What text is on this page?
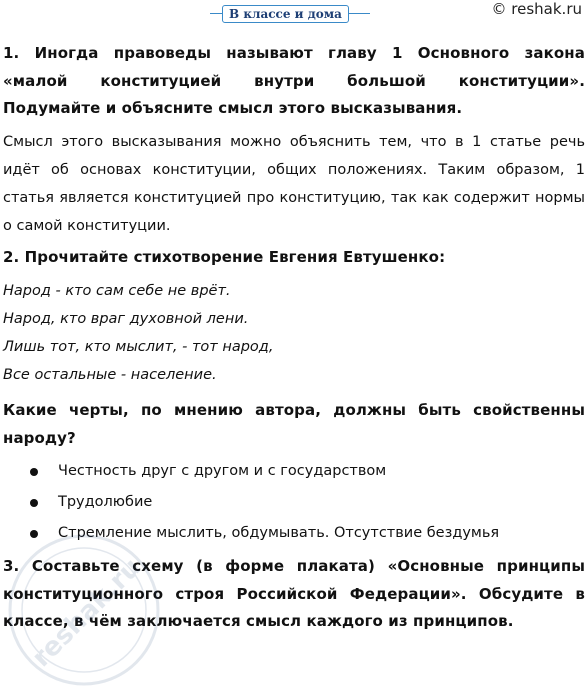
В классе и дома	© reshak.ru

1. Иногда правоведы называют главу 1 Основного закона

«малой конституцией внутри большой конституции».

Подумайте и объясните смысл этого высказывания.

Смысл этого высказывания можно объяснить тем, что в 1 статье речь идёт об основах конституции, общих положениях. Таким образом, 1 статья является конституцией про конституцию, так как содержит нормы о самой конституции.

2. Прочитайте стихотворение Евгения Евтушенко:

Народ - кто сам себе не врёт.
Народ, кто враг духовной лени.
Лишь тот, кто мыслит, - тот народ,
Все остальные - население.

Какие черты, по мнению автора, должны быть свойственны народу?

Честность друг с другом и с государством
Трудолюбие
Стремление мыслить, обдумывать. Отсутствие бездумья

3. Составьте схему (в форме плаката) «Основные принципы конституционного строя Российской Федерации». Обсудите в классе, в чём заключается смысл каждого из принципов.

reshak.ru
